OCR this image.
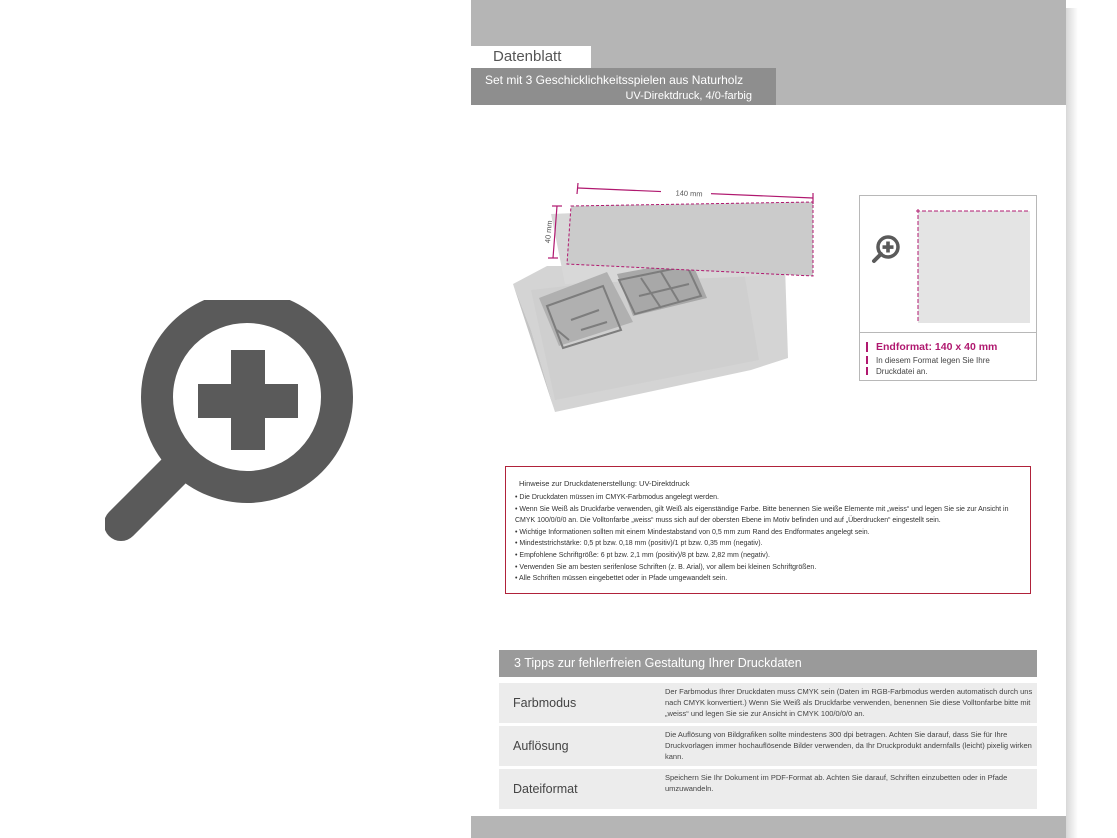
Datenblatt
Set mit 3 Geschicklichkeitsspielen aus Naturholz
UV-Direktdruck, 4/0-farbig
140 mm
40 mm
Endformat: 140 x 40 mm
In diesem Format legen Sie Ihre Druckdatei an.
Hinweise zur Druckdatenerstellung: UV-Direktdruck
• Die Druckdaten müssen im CMYK-Farbmodus angelegt werden.
• Wenn Sie Weiß als Druckfarbe verwenden, gilt Weiß als eigenständige Farbe. Bitte benennen Sie weiße Elemente mit „weiss“ und legen Sie sie zur Ansicht in CMYK 100/0/0/0 an. Die Volltonfarbe „weiss“ muss sich auf der obersten Ebene im Motiv befinden und auf „Überdrucken“ eingestellt sein.
• Wichtige Informationen sollten mit einem Mindestabstand von 0,5 mm zum Rand des Endformates angelegt sein.
• Mindeststrichstärke: 0,5 pt bzw. 0,18 mm (positiv)/1 pt bzw. 0,35 mm (negativ).
• Empfohlene Schriftgröße: 6 pt bzw. 2,1 mm (positiv)/8 pt bzw. 2,82 mm (negativ).
• Verwenden Sie am besten serifenlose Schriften (z. B. Arial), vor allem bei kleinen Schriftgrößen.
• Alle Schriften müssen eingebettet oder in Pfade umgewandelt sein.
3 Tipps zur fehlerfreien Gestaltung Ihrer Druckdaten
Farbmodus
Der Farbmodus Ihrer Druckdaten muss CMYK sein (Daten im RGB-Farbmodus werden automatisch durch uns nach CMYK konvertiert.) Wenn Sie Weiß als Druckfarbe verwenden, benennen Sie diese Volltonfarbe bitte mit „weiss“ und legen Sie sie zur Ansicht in CMYK 100/0/0/0 an.
Auflösung
Die Auflösung von Bildgrafiken sollte mindestens 300 dpi betragen. Achten Sie darauf, dass Sie für Ihre Druckvorlagen immer hochauflösende Bilder verwenden, da Ihr Druckprodukt andernfalls (leicht) pixelig wirken kann.
Dateiformat
Speichern Sie Ihr Dokument im PDF-Format ab. Achten Sie darauf, Schriften einzubetten oder in Pfade umzuwandeln.
